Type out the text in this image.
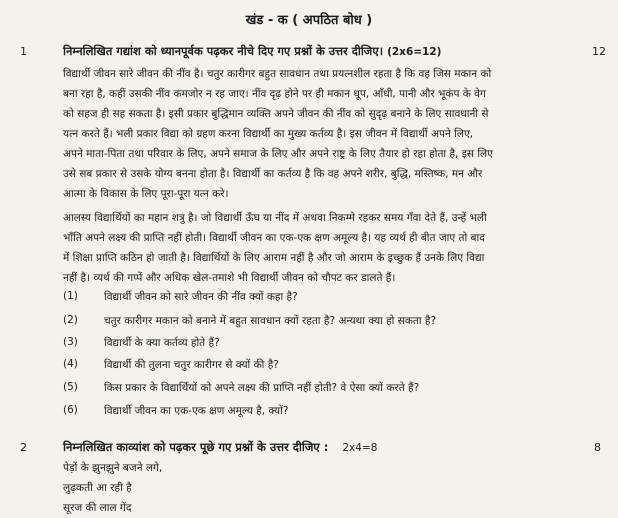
खंड - क ( अपठित बोध )
1	निम्नलिखित गद्यांश को ध्यानपूर्वक पढ़कर नीचे दिए गए प्रश्नों के उत्तर दीजिए। (2x6=12)	12
विद्यार्थी जीवन सारे जीवन की नींव है। चतुर कारीगर बहुत सावधान तथा प्रयत्नशील रहता है कि वह जिस मकान को
बना रहा है, कहीं उसकी नींव कमजोर न रह जाए। नींव दृढ़ होने पर ही मकान धूप, आँधी, पानी और भूकंप के वेग
को सहज ही सह सकता है। इसी प्रकार बुद्धिमान व्यक्ति अपने जीवन की नींव को सुदृढ़ बनाने के लिए सावधानी से
यत्न करते हैं। भली प्रकार विद्या को ग्रहण करना विद्यार्थी का मुख्य कर्तव्य है। इस जीवन में विद्यार्थी अपने लिए,
अपने माता-पिता तथा परिवार के लिए, अपने समाज के लिए और अपने राष्ट्र के लिए तैयार हो रहा होता है, इस लिए
उसे सब प्रकार से उसके योग्य बनना होता है। विद्यार्थी का कर्तव्य है कि वह अपने शरीर, बुद्धि, मस्तिष्क, मन और
आत्मा के विकास के लिए पूरा-पूरा यत्न करे।
आलस्य विद्यार्थियों का महान शत्रु है। जो विद्यार्थी ऊँघ या नींद में अथवा निकम्मे रहकर समय गँवा देते हैं, उन्हें भली
भाँति अपने लक्ष्य की प्राप्ति नहीं होती। विद्यार्थी जीवन का एक-एक क्षण अमूल्य है। यह व्यर्थ ही बीत जाए तो बाद
में शिक्षा प्राप्ति कठिन हो जाती है। विद्यार्थियों के लिए आराम नहीं है और जो आराम के इच्छुक हैं उनके लिए विद्या
नहीं है। व्यर्थ की गप्पें और अधिक खेल-तमाशे भी विद्यार्थी जीवन को चौपट कर डालते हैं।
(1) विद्यार्थी जीवन को सारे जीवन की नींव क्यों कहा है?
(2) चतुर कारीगर मकान को बनाने में बहुत सावधान क्यों रहता है? अन्यथा क्या हो सकता है?
(3) विद्यार्थी के क्या कर्तव्य होते हैं?
(4) विद्यार्थी की तुलना चतुर कारीगर से क्यों की है?
(5) किस प्रकार के विद्यार्थियों को अपने लक्ष्य की प्राप्ति नहीं होती? वे ऐसा क्यों करते हैं?
(6) विद्यार्थी जीवन का एक-एक क्षण अमूल्य है, क्यों?
2	निम्नलिखित काव्यांश को पढ़कर पूछे गए प्रश्नों के उत्तर दीजिए : 2x4=8	8
पेड़ों के झुनझुने बजने लगे,
लुढ़कती आ रही है
सूरज की लाल गेंद
